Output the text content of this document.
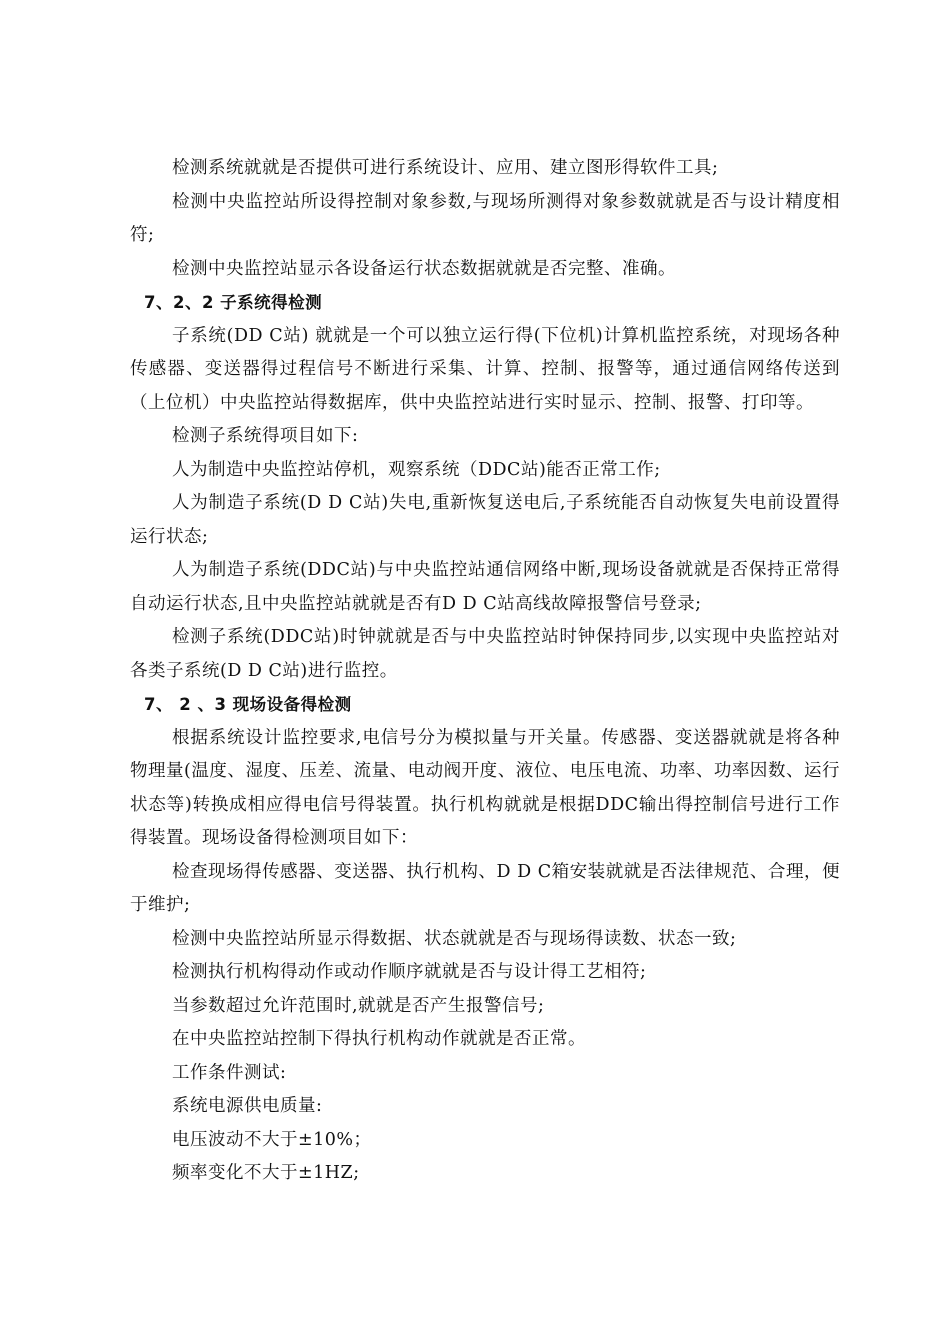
检测系统就就是否提供可进行系统设计、应用、建立图形得软件工具;

检测中央监控站所设得控制对象参数,与现场所测得对象参数就就是否与设计精度相符;

检测中央监控站显示各设备运行状态数据就就是否完整、准确。

7、2、2 子系统得检测

子系统(DD C站) 就就是一个可以独立运行得(下位机)计算机监控系统，对现场各种传感器、变送器得过程信号不断进行采集、计算、控制、报警等，通过通信网络传送到（上位机）中央监控站得数据库，供中央监控站进行实时显示、控制、报警、打印等。

检测子系统得项目如下:

人为制造中央监控站停机，观察系统（DDC站)能否正常工作;

人为制造子系统(D D C站)失电,重新恢复送电后,子系统能否自动恢复失电前设置得运行状态;

人为制造子系统(DDC站)与中央监控站通信网络中断,现场设备就就是否保持正常得自动运行状态,且中央监控站就就是否有D D C站高线故障报警信号登录;

检测子系统(DDC站)时钟就就是否与中央监控站时钟保持同步,以实现中央监控站对各类子系统(D D C站)进行监控。

7、 2 、3 现场设备得检测

根据系统设计监控要求,电信号分为模拟量与开关量。传感器、变送器就就是将各种物理量(温度、湿度、压差、流量、电动阀开度、液位、电压电流、功率、功率因数、运行状态等)转换成相应得电信号得装置。执行机构就就是根据DDC输出得控制信号进行工作得装置。现场设备得检测项目如下：

检查现场得传感器、变送器、执行机构、D D C箱安装就就是否法律规范、合理，便于维护;

检测中央监控站所显示得数据、状态就就是否与现场得读数、状态一致;

检测执行机构得动作或动作顺序就就是否与设计得工艺相符;

当参数超过允许范围时,就就是否产生报警信号;

在中央监控站控制下得执行机构动作就就是否正常。

工作条件测试:

系统电源供电质量:

电压波动不大于±10%；

频率变化不大于±1HZ;
